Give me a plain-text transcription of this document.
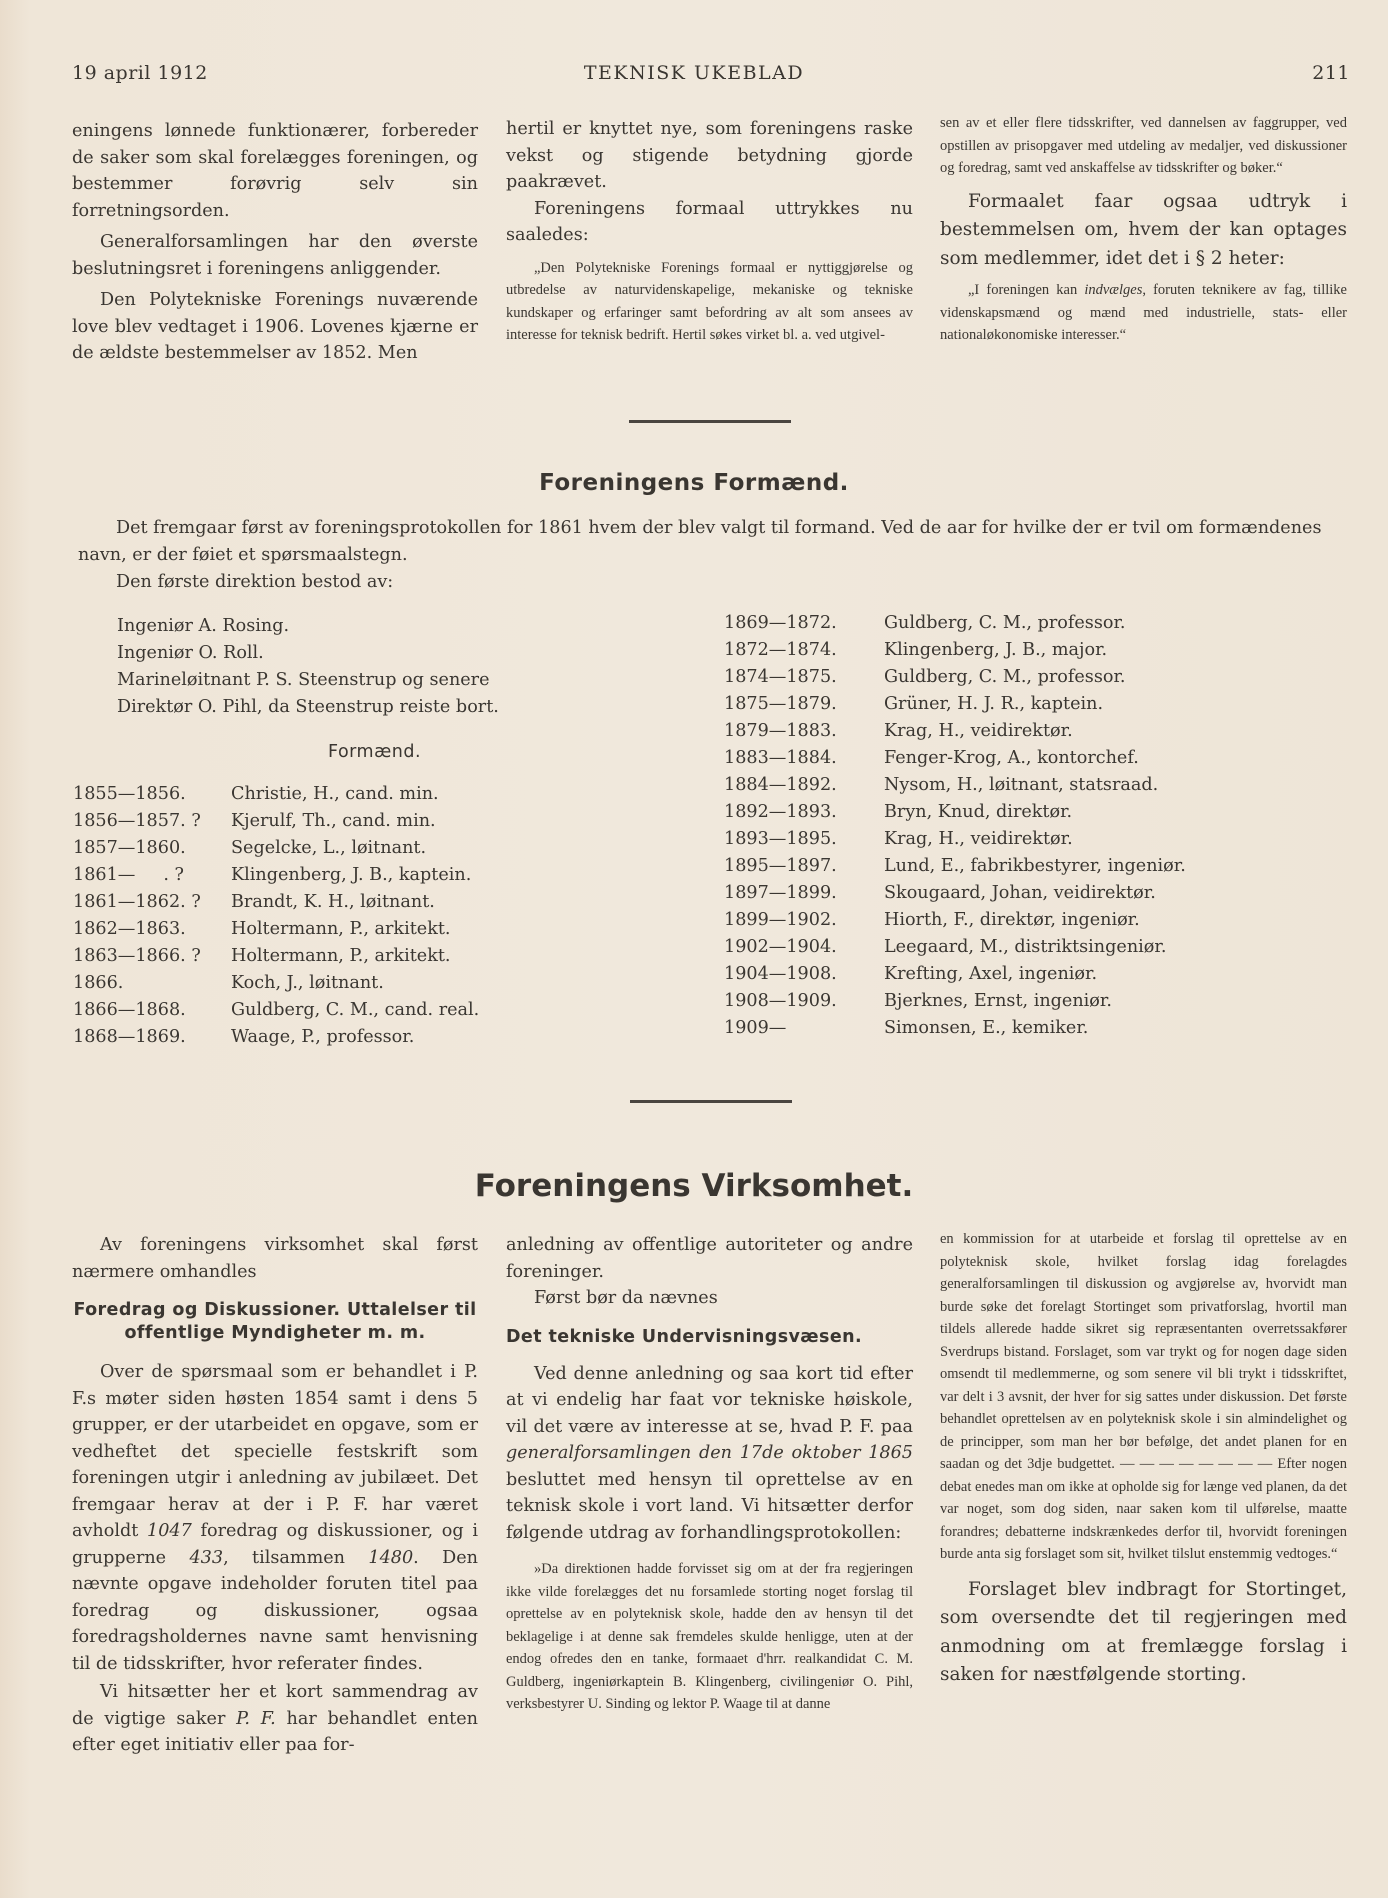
19 april 1912	TEKNISK UKEBLAD	211

eningens lønnede funktionærer, forbereder de saker som skal forelægges foreningen, og bestemmer forøvrig selv sin forretningsorden.

Generalforsamlingen har den øverste beslutningsret i foreningens anliggender.

Den Polytekniske Forenings nuværende love blev vedtaget i 1906. Lovenes kjærne er de ældste bestemmelser av 1852. Men

hertil er knyttet nye, som foreningens raske vekst og stigende betydning gjorde paakrævet.

Foreningens formaal uttrykkes nu saaledes:

„Den Polytekniske Forenings formaal er nyttiggjørelse og utbredelse av naturvidenskapelige, mekaniske og tekniske kundskaper og erfaringer samt befordring av alt som ansees av interesse for teknisk bedrift. Hertil søkes virket bl. a. ved utgivel-

sen av et eller flere tidsskrifter, ved dannelsen av faggrupper, ved opstillen av prisopgaver med utdeling av medaljer, ved diskussioner og foredrag, samt ved anskaffelse av tidsskrifter og bøker.“

Formaalet faar ogsaa udtryk i bestemmelsen om, hvem der kan optages som medlemmer, idet det i § 2 heter:

„I foreningen kan indvælges, foruten teknikere av fag, tillike videnskapsmænd og mænd med industrielle, stats- eller nationaløkonomiske interesser.“

Foreningens Formænd.
Det fremgaar først av foreningsprotokollen for 1861 hvem der blev valgt til formand. Ved de aar for hvilke der er tvil om formændenes navn, er der føiet et spørsmaalstegn.
Den første direktion bestod av:
Ingeniør A. Rosing.
Ingeniør O. Roll.
Marineløitnant P. S. Steenstrup og senere
Direktør O. Pihl, da Steenstrup reiste bort.
Formænd.
1855—1856.	Christie, H., cand. min.
1856—1857. ?	Kjerulf, Th., cand. min.
1857—1860.	Segelcke, L., løitnant.
1861—     . ?	Klingenberg, J. B., kaptein.
1861—1862. ?	Brandt, K. H., løitnant.
1862—1863.	Holtermann, P., arkitekt.
1863—1866. ?	Holtermann, P., arkitekt.
1866.	Koch, J., løitnant.
1866—1868.	Guldberg, C. M., cand. real.
1868—1869.	Waage, P., professor.
1869—1872.	Guldberg, C. M., professor.
1872—1874.	Klingenberg, J. B., major.
1874—1875.	Guldberg, C. M., professor.
1875—1879.	Grüner, H. J. R., kaptein.
1879—1883.	Krag, H., veidirektør.
1883—1884.	Fenger-Krog, A., kontorchef.
1884—1892.	Nysom, H., løitnant, statsraad.
1892—1893.	Bryn, Knud, direktør.
1893—1895.	Krag, H., veidirektør.
1895—1897.	Lund, E., fabrikbestyrer, ingeniør.
1897—1899.	Skougaard, Johan, veidirektør.
1899—1902.	Hiorth, F., direktør, ingeniør.
1902—1904.	Leegaard, M., distriktsingeniør.
1904—1908.	Krefting, Axel, ingeniør.
1908—1909.	Bjerknes, Ernst, ingeniør.
1909—	Simonsen, E., kemiker.
Foreningens Virksomhet.

Av foreningens virksomhet skal først nærmere omhandles

Foredrag og Diskussioner. Uttalelser til offentlige Myndigheter m. m.

Over de spørsmaal som er behandlet i P. F.s møter siden høsten 1854 samt i dens 5 grupper, er der utarbeidet en opgave, som er vedheftet det specielle festskrift som foreningen utgir i anledning av jubilæet. Det fremgaar herav at der i P. F. har været avholdt 1047 foredrag og diskussioner, og i grupperne 433, tilsammen 1480. Den nævnte opgave indeholder foruten titel paa foredrag og diskussioner, ogsaa foredragsholdernes navne samt henvisning til de tidsskrifter, hvor referater findes.

Vi hitsætter her et kort sammendrag av de vigtige saker P. F. har behandlet enten efter eget initiativ eller paa for-

anledning av offentlige autoriteter og andre foreninger.

Først bør da nævnes

Det tekniske Undervisningsvæsen.

Ved denne anledning og saa kort tid efter at vi endelig har faat vor tekniske høiskole, vil det være av interesse at se, hvad P. F. paa generalforsamlingen den 17de oktober 1865 besluttet med hensyn til oprettelse av en teknisk skole i vort land. Vi hitsætter derfor følgende utdrag av forhandlingsprotokollen:

»Da direktionen hadde forvisset sig om at der fra regjeringen ikke vilde forelægges det nu forsamlede storting noget forslag til oprettelse av en polyteknisk skole, hadde den av hensyn til det beklagelige i at denne sak fremdeles skulde henligge, uten at der endog ofredes den en tanke, formaaet d'hrr. realkandidat C. M. Guldberg, ingeniørkaptein B. Klingenberg, civilingeniør O. Pihl, verksbestyrer U. Sinding og lektor P. Waage til at danne

en kommission for at utarbeide et forslag til oprettelse av en polyteknisk skole, hvilket forslag idag forelagdes generalforsamlingen til diskussion og avgjørelse av, hvorvidt man burde søke det forelagt Stortinget som privatforslag, hvortil man tildels allerede hadde sikret sig repræsentanten overretssakfører Sverdrups bistand. Forslaget, som var trykt og for nogen dage siden omsendt til medlemmerne, og som senere vil bli trykt i tidsskriftet, var delt i 3 avsnit, der hver for sig sattes under diskussion. Det første behandlet oprettelsen av en polyteknisk skole i sin almindelighet og de principper, som man her bør befølge, det andet planen for en saadan og det 3dje budgettet. — — — — — — — — Efter nogen debat enedes man om ikke at opholde sig for længe ved planen, da det var noget, som dog siden, naar saken kom til ulførelse, maatte forandres; debatterne indskrænkedes derfor til, hvorvidt foreningen burde anta sig forslaget som sit, hvilket tilslut enstemmig vedtoges.“

Forslaget blev indbragt for Stortinget, som oversendte det til regjeringen med anmodning om at fremlægge forslag i saken for næstfølgende storting.
